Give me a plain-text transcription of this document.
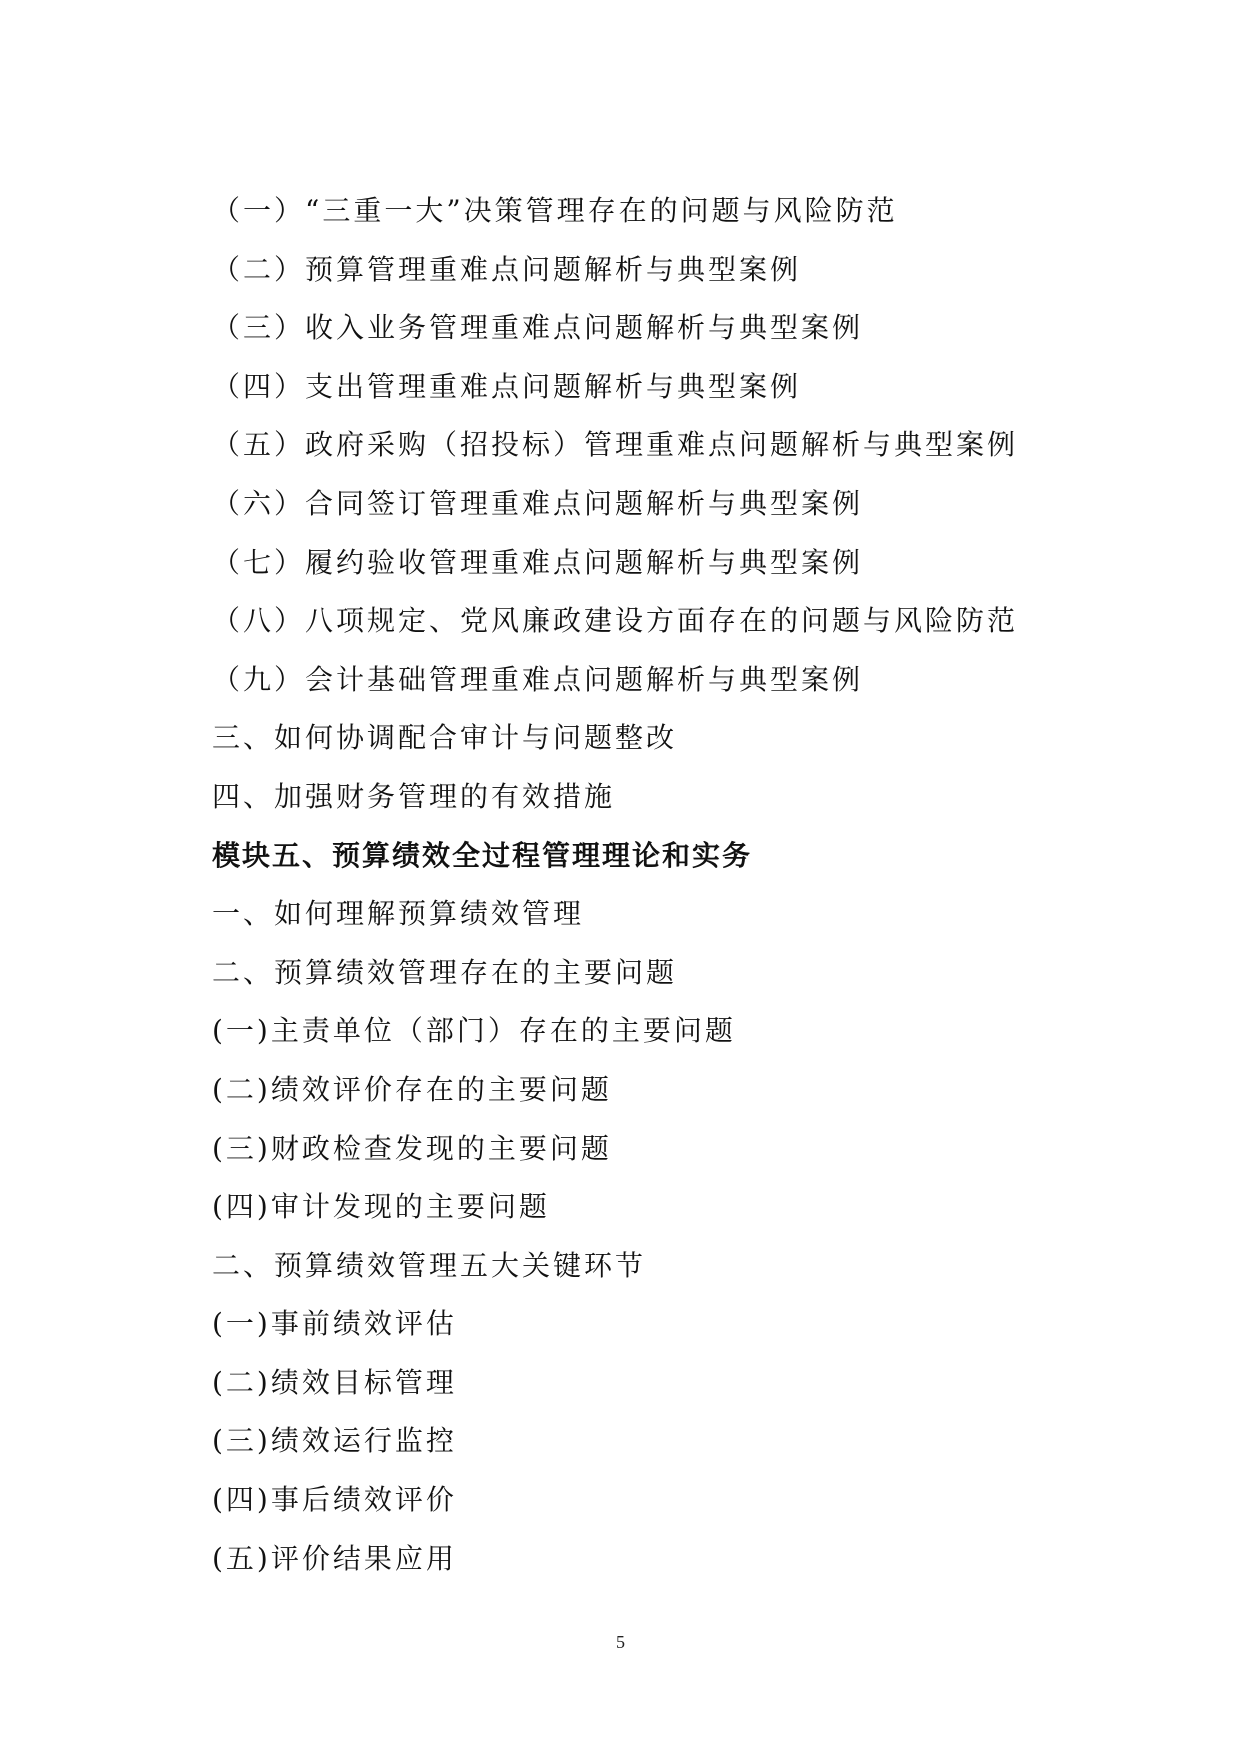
（一）“三重一大”决策管理存在的问题与风险防范
（二）预算管理重难点问题解析与典型案例
（三）收入业务管理重难点问题解析与典型案例
（四）支出管理重难点问题解析与典型案例
（五）政府采购（招投标）管理重难点问题解析与典型案例
（六）合同签订管理重难点问题解析与典型案例
（七）履约验收管理重难点问题解析与典型案例
（八）八项规定、党风廉政建设方面存在的问题与风险防范
（九）会计基础管理重难点问题解析与典型案例
三、如何协调配合审计与问题整改
四、加强财务管理的有效措施
模块五、预算绩效全过程管理理论和实务
一、如何理解预算绩效管理
二、预算绩效管理存在的主要问题
(一)主责单位（部门）存在的主要问题
(二)绩效评价存在的主要问题
(三)财政检查发现的主要问题
(四)审计发现的主要问题
二、预算绩效管理五大关键环节
(一)事前绩效评估
(二)绩效目标管理
(三)绩效运行监控
(四)事后绩效评价
(五)评价结果应用
5
